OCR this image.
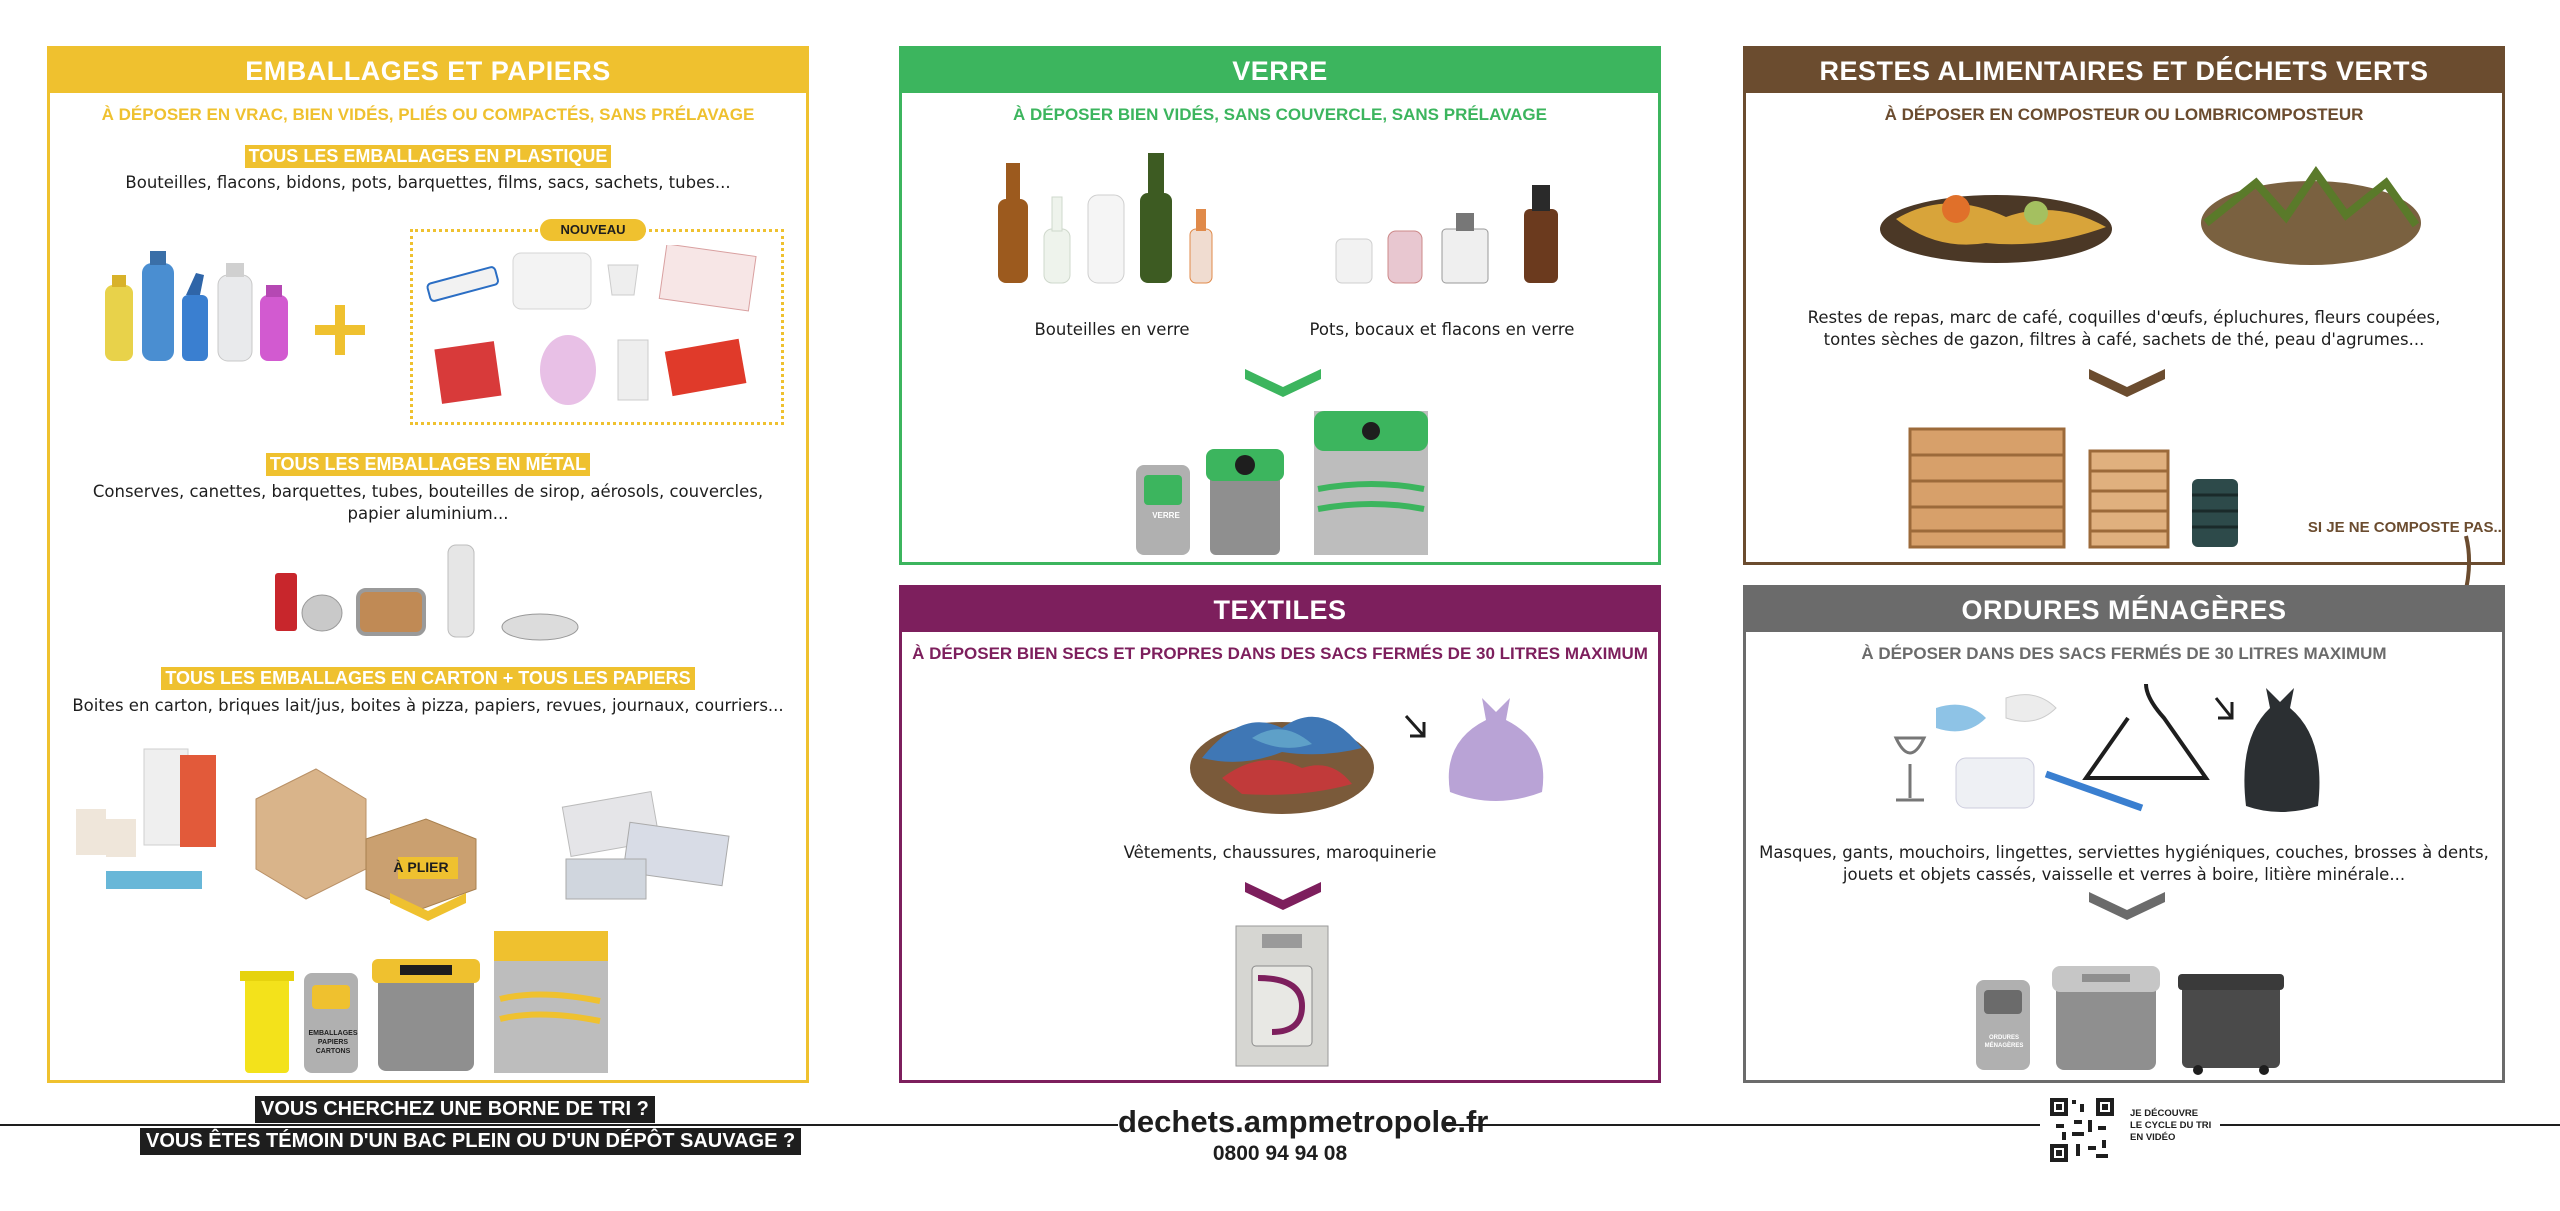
EMBALLAGES ET PAPIERS
À DÉPOSER EN VRAC, BIEN VIDÉS, PLIÉS OU COMPACTÉS, SANS PRÉLAVAGE
TOUS LES EMBALLAGES EN PLASTIQUE
Bouteilles, flacons, bidons, pots, barquettes, films, sacs, sachets, tubes...
NOUVEAU
TOUS LES EMBALLAGES EN MÉTAL
Conserves, canettes, barquettes, tubes, bouteilles de sirop, aérosols, couvercles,
papier aluminium...
TOUS LES EMBALLAGES EN CARTON + TOUS LES PAPIERS
Boites en carton, briques lait/jus, boites à pizza, papiers, revues, journaux, courriers...
À PLIER
EMBALLAGES
PAPIERS
CARTONS
VERRE
À DÉPOSER BIEN VIDÉS, SANS COUVERCLE, SANS PRÉLAVAGE
Bouteilles en verre	Pots, bocaux et flacons en verre
VERRE
TEXTILES
À DÉPOSER BIEN SECS ET PROPRES DANS DES SACS FERMÉS DE 30 LITRES MAXIMUM
Vêtements, chaussures, maroquinerie
RESTES ALIMENTAIRES ET DÉCHETS VERTS
À DÉPOSER EN COMPOSTEUR OU LOMBRICOMPOSTEUR
Restes de repas, marc de café, coquilles d'œufs, épluchures, fleurs coupées,
tontes sèches de gazon, filtres à café, sachets de thé, peau d'agrumes...
SI JE NE COMPOSTE PAS...
ORDURES MÉNAGÈRES
À DÉPOSER DANS DES SACS FERMÉS DE 30 LITRES MAXIMUM
Masques, gants, mouchoirs, lingettes, serviettes hygiéniques, couches, brosses à dents,
jouets et objets cassés, vaisselle et verres à boire, litière minérale...
ORDURES
MÉNAGÈRES
VOUS CHERCHEZ UNE BORNE DE TRI ?
VOUS ÊTES TÉMOIN D'UN BAC PLEIN OU D'UN DÉPÔT SAUVAGE ?
dechets.ampmetropole.fr
0800 94 94 08
JE DÉCOUVRE
LE CYCLE DU TRI
EN VIDÉO
